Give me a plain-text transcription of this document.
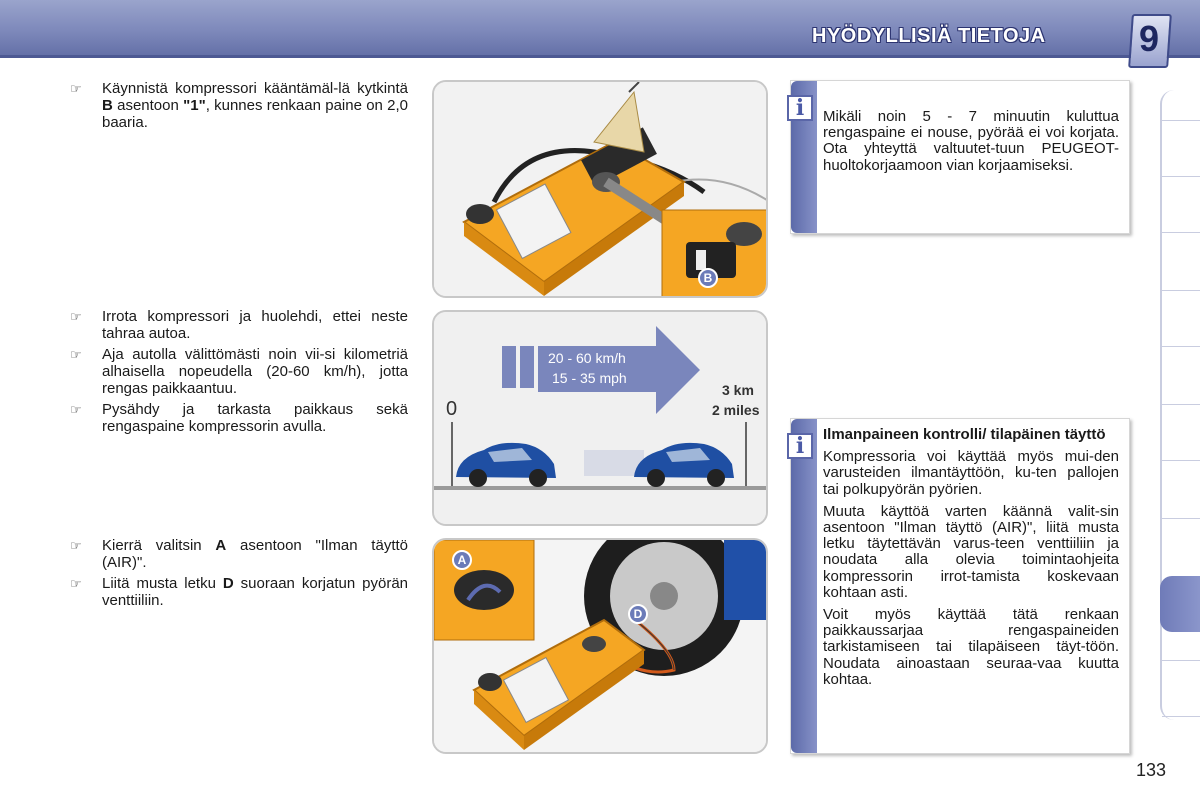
HYÖDYLLISIÄ TIETOJA	9
☞ Käynnistä kompressori kääntämäl-lä kytkintä B asentoon "1", kunnes renkaan paine on 2,0 baaria.
☞ Irrota kompressori ja huolehdi, ettei neste tahraa autoa.
☞ Aja autolla välittömästi noin vii-si kilometriä alhaisella nopeudella (20-60 km/h), jotta rengas paikkaantuu.
☞ Pysähdy ja tarkasta paikkaus sekä rengaspaine kompressorin avulla.
☞ Kierrä valitsin A asentoon "Ilman täyttö (AIR)".
☞ Liitä musta letku D suoraan korjatun pyörän venttiiliin.
B
20 - 60 km/h
15 - 35 mph
0
3 km
2 miles
A
D
i	Mikäli noin 5 - 7 minuutin kuluttua rengaspaine ei nouse, pyörää ei voi korjata. Ota yhteyttä valtuutet-tuun PEUGEOT-huoltokorjaamoon vian korjaamiseksi.
i	Ilmanpaineen kontrolli/ tilapäinen täyttö

Kompressoria voi käyttää myös mui-den varusteiden ilmantäyttöön, ku-ten pallojen tai polkupyörän pyörien.

Muuta käyttöä varten käännä valit-sin asentoon "Ilman täyttö (AIR)", liitä musta letku täytettävän varus-teen venttiiliin ja noudata alla olevia toimintaohjeita kompressorin irrot-tamista koskevaan kohtaan asti.

Voit myös käyttää tätä renkaan paikkaussarjaa rengaspaineiden tarkistamiseen tai tilapäiseen täyt-töön. Noudata ainoastaan seuraa-vaa kuutta kohtaa.

133
